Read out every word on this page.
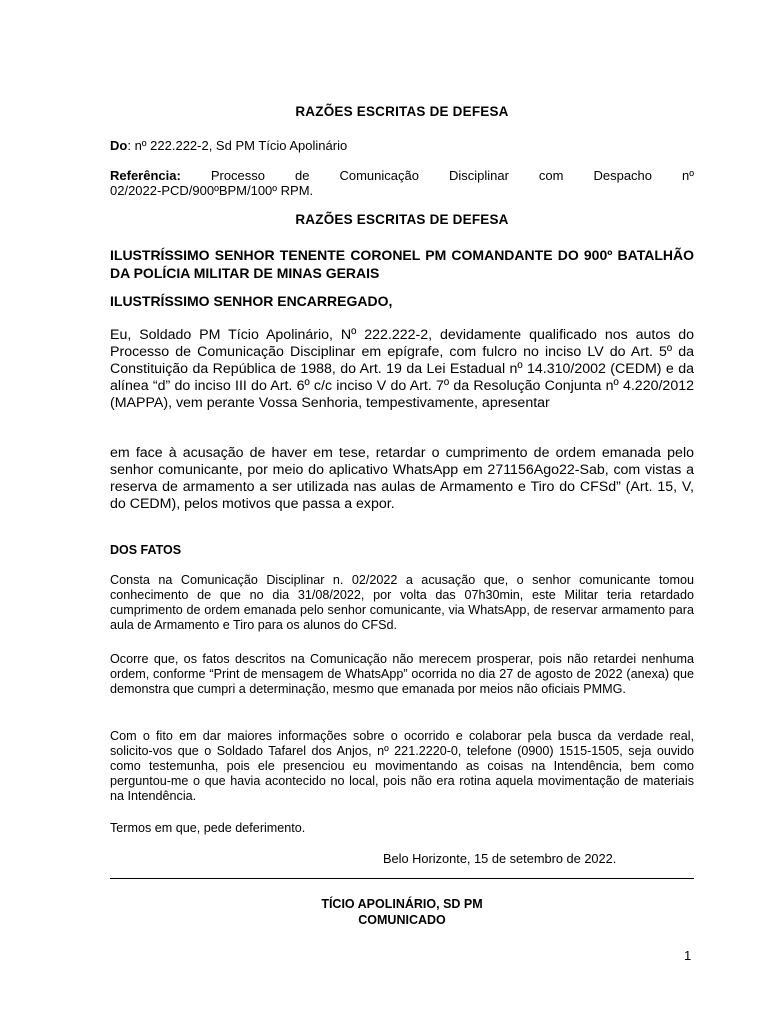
RAZÕES ESCRITAS DE DEFESA
Do: nº 222.222-2, Sd PM Tício Apolinário
Referência: Processo de Comunicação Disciplinar com Despacho nº
02/2022-PCD/900ºBPM/100º RPM.
RAZÕES ESCRITAS DE DEFESA
ILUSTRÍSSIMO SENHOR TENENTE CORONEL PM COMANDANTE DO 900º BATALHÃO DA POLÍCIA MILITAR DE MINAS GERAIS
ILUSTRÍSSIMO SENHOR ENCARREGADO,
Eu, Soldado PM Tício Apolinário, Nº 222.222-2, devidamente qualificado nos autos do Processo de Comunicação Disciplinar em epígrafe, com fulcro no inciso LV do Art. 5º da Constituição da República de 1988, do Art. 19 da Lei Estadual nº 14.310/2002 (CEDM) e da alínea “d” do inciso III do Art. 6º c/c inciso V do Art. 7º da Resolução Conjunta nº 4.220/2012 (MAPPA), vem perante Vossa Senhoria, tempestivamente, apresentar
em face à acusação de haver em tese, retardar o cumprimento de ordem emanada pelo senhor comunicante, por meio do aplicativo WhatsApp em 271156Ago22-Sab, com vistas a reserva de armamento a ser utilizada nas aulas de Armamento e Tiro do CFSd” (Art. 15, V, do CEDM), pelos motivos que passa a expor.
DOS FATOS
Consta na Comunicação Disciplinar n. 02/2022 a acusação que, o senhor comunicante tomou conhecimento de que no dia 31/08/2022, por volta das 07h30min, este Militar teria retardado cumprimento de ordem emanada pelo senhor comunicante, via WhatsApp, de reservar armamento para aula de Armamento e Tiro para os alunos do CFSd.
Ocorre que, os fatos descritos na Comunicação não merecem prosperar, pois não retardei nenhuma ordem, conforme “Print de mensagem de WhatsApp” ocorrida no dia 27 de agosto de 2022 (anexa) que demonstra que cumpri a determinação, mesmo que emanada por meios não oficiais PMMG.
Com o fito em dar maiores informações sobre o ocorrido e colaborar pela busca da verdade real, solicito-vos que o Soldado Tafarel dos Anjos, nº 221.2220-0, telefone (0900) 1515-1505, seja ouvido como testemunha, pois ele presenciou eu movimentando as coisas na Intendência, bem como perguntou-me o que havia acontecido no local, pois não era rotina aquela movimentação de materiais na Intendência.
Termos em que, pede deferimento.
Belo Horizonte, 15 de setembro de 2022.
TÍCIO APOLINÁRIO, SD PM
COMUNICADO
1
